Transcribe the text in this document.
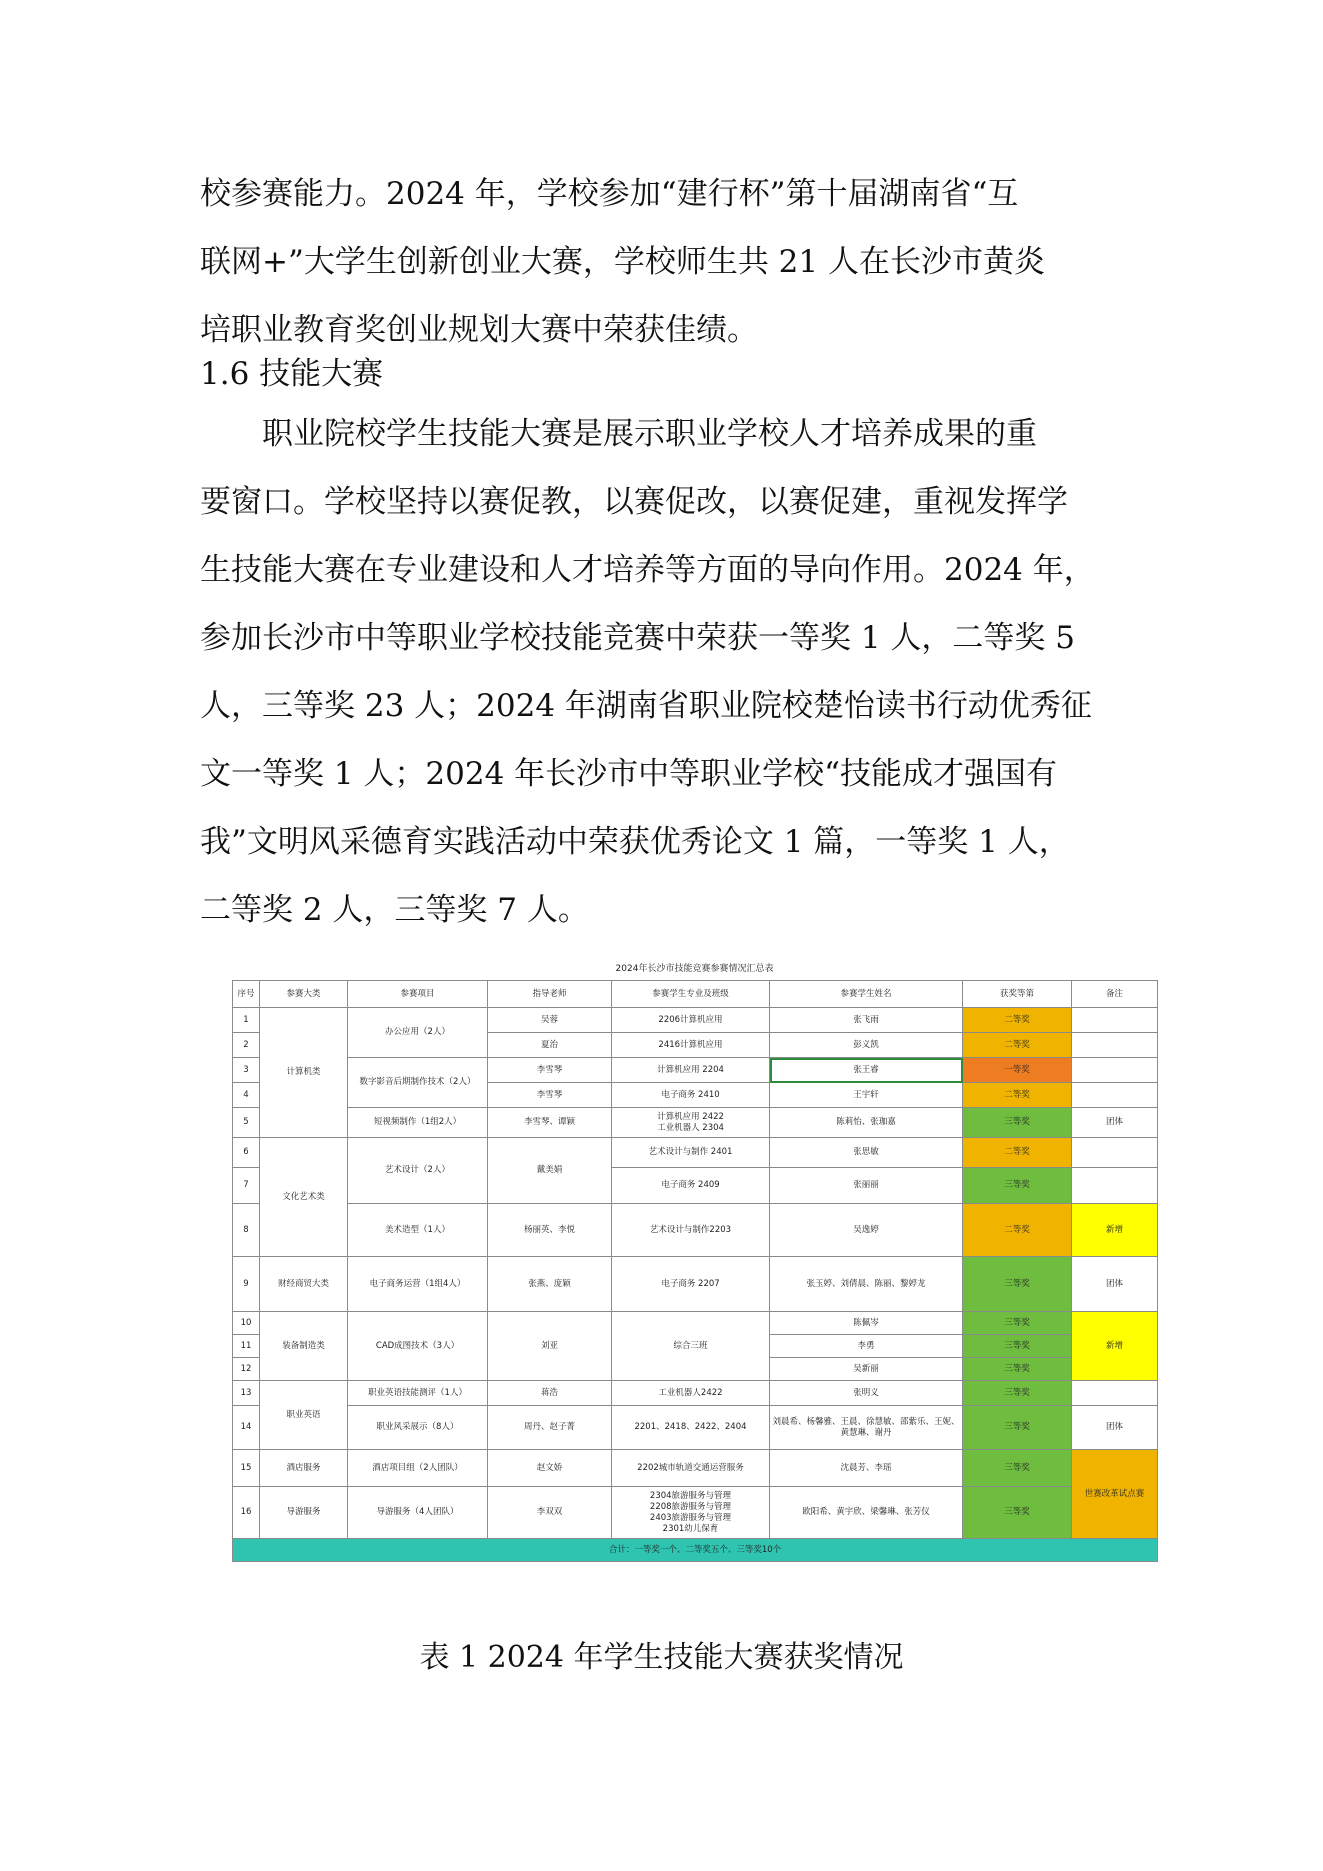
校参赛能力。2024 年，学校参加“建行杯”第十届湖南省“互
联网+”大学生创新创业大赛，学校师生共 21 人在长沙市黄炎
培职业教育奖创业规划大赛中荣获佳绩。

1.6 技能大赛

　　职业院校学生技能大赛是展示职业学校人才培养成果的重
要窗口。学校坚持以赛促教，以赛促改，以赛促建，重视发挥学
生技能大赛在专业建设和人才培养等方面的导向作用。2024 年，
参加长沙市中等职业学校技能竞赛中荣获一等奖 1 人，二等奖 5
人，三等奖 23 人；2024 年湖南省职业院校楚怡读书行动优秀征
文一等奖 1 人；2024 年长沙市中等职业学校“技能成才强国有
我”文明风采德育实践活动中荣获优秀论文 1 篇，一等奖 1 人，
二等奖 2 人，三等奖 7 人。

2024年长沙市技能竞赛参赛情况汇总表
序号	参赛大类	参赛项目	指导老师	参赛学生专业及班级	参赛学生姓名	获奖等第	备注
1	计算机类	办公应用（2人）	吴蓉	2206计算机应用	张飞雨	二等奖	
2			夏治	2416计算机应用	彭义凯	二等奖	
3		数字影音后期制作技术（2人）	李雪琴	计算机应用 2204	张王睿	一等奖	
4			李雪琴	电子商务 2410	王宇轩	二等奖	
5		短视频制作（1组2人）	李雪琴、谭颖	计算机应用 2422
工业机器人 2304	陈莉怡、张珈嘉	三等奖	团体
6	文化艺术类	艺术设计（2人）	戴美娟	艺术设计与制作 2401	张思敏	二等奖	
7				电子商务 2409	张丽丽	三等奖	
8		美术造型（1人）	杨丽英、李悦	艺术设计与制作2203	吴逸婷	二等奖	新增
9	财经商贸大类	电子商务运营（1组4人）	张燕、庞颖	电子商务 2207	张玉婷、刘倩晨、陈丽、黎婷龙	三等奖	团体
10	装备制造类	CAD成图技术（3人）	刘亚	综合三班	陈佩岑	三等奖	新增
11					李勇	三等奖	
12					吴新丽	三等奖	
13	职业英语	职业英语技能测评（1人）	蒋浩	工业机器人2422	张明义	三等奖	
14		职业风采展示（8人）	周丹、赵子菁	2201、2418、2422、2404	刘晨希、杨馨雅、王晨、徐慧敏、邵紫乐、王妮、黄慧琳、谢丹	三等奖	团体
15	酒店服务	酒店项目组（2人团队）	赵文娇	2202城市轨道交通运营服务	沈晨芳、李瑶	三等奖	世赛改革试点赛
16	导游服务	导游服务（4人团队）	李双双	2304旅游服务与管理
2208旅游服务与管理
2403旅游服务与管理
2301幼儿保育	欧阳希、黄宇欣、梁馨琳、张芳仪	三等奖	
合计：一等奖一个、二等奖五个、三等奖10个							
表 1 2024 年学生技能大赛获奖情况
